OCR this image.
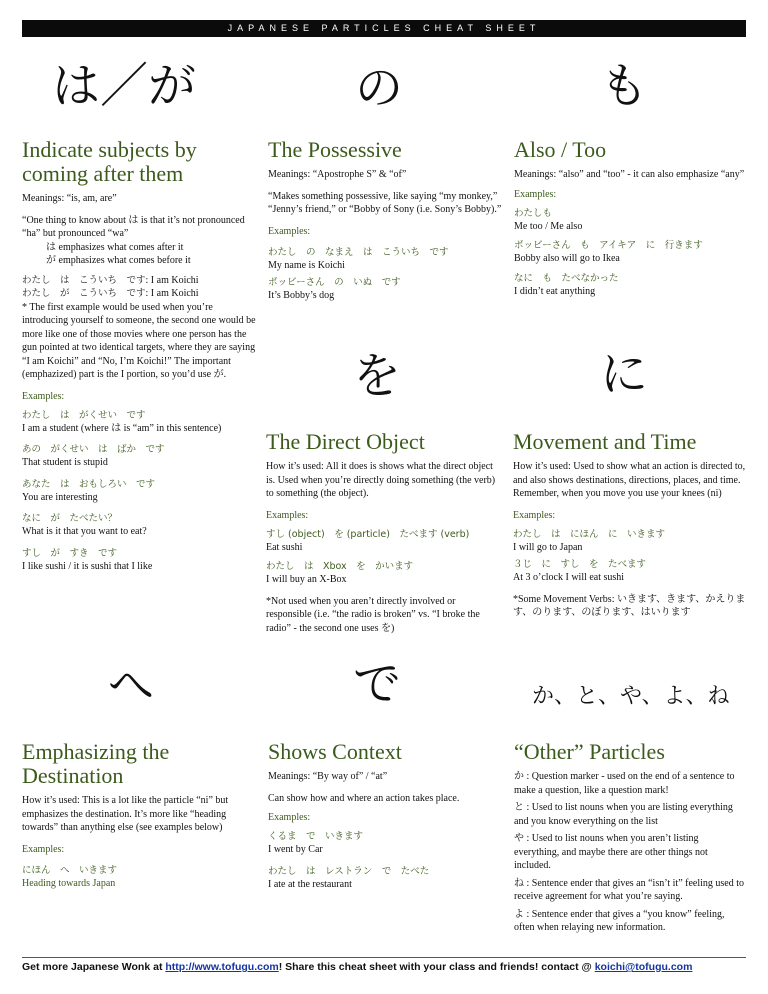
JAPANESE PARTICLES CHEAT SHEET
は／が	の	も
Indicate subjects by coming after them

Meanings: “is, am, are”

“One thing to know about は is that it’s not pronounced “ha” but pronounced “wa”

は emphasizes what comes after it

が emphasizes what comes before it

わたし　は　こういち　です: I am Koichi
わたし　が　こういち　です: I am Koichi

* The first example would be used when you’re introducing yourself to someone, the second one would be more like one of those movies where one person has the gun pointed at two identical targets, where they are saying “I am Koichi” and “No, I’m Koichi!” The important (emphazized) part is the I portion, so you’d use が.

Examples:
わたし　は　がくせい　です

I am a student (where は is “am” in this sentence)

あの　がくせい　は　ばか　です

That student is stupid

あなた　は　おもしろい　です

You are interesting

なに　が　たべたい？

What is it that you want to eat?

すし　が　すき　です

I like sushi / it is sushi that I like

The Possessive

Meanings: “Apostrophe S” & “of”

“Makes something possessive, like saying “my monkey,” “Jenny’s friend,” or “Bobby of Sony (i.e. Sony’s Bobby).”

Examples:
わたし　の　なまえ　は　こういち　です

My name is Koichi

ボッビーさん　の　いぬ　です

It’s Bobby’s dog

Also / Too

Meanings: “also” and “too” - it can also emphasize “any”

Examples:
わたしも

Me too / Me also

ボッビーさん　も　アイキア　に　行きます

Bobby also will go to Ikea

なに　も　たべなかった

I didn’t eat anything

を	に
The Direct Object

How it’s used: All it does is shows what the direct object is. Used when you’re directly doing something (the verb) to something (the object).

Examples:
すし (object)　を (particle)　たべます (verb)

Eat sushi

わたし　は　Xbox　を　かいます

I will buy an X-Box

*Not used when you aren’t directly involved or responsible (i.e. “the radio is broken” vs. “I broke the radio” - the second one uses を)

Movement and Time

How it’s used: Used to show what an action is directed to, and also shows destinations, directions, places, and time. Remember, when you move you use your knees (ni)

Examples:
わたし　は　にほん　に　いきます

I will go to Japan

３じ　に　すし　を　たべます

At 3 o’clock I will eat sushi

*Some Movement Verbs: いきます、きます、かえります、のります、のぼります、はいります

へ	で	か、と、や、よ、ね
Emphasizing the Destination

How it’s used: This is a lot like the particle “ni” but emphasizes the destination. It’s more like “heading towards” than anything else (see examples below)

Examples:
にほん　へ　いきます

Heading towards Japan

Shows Context

Meanings: “By way of” / “at”

Can show how and where an action takes place.

Examples:
くるま　で　いきます

I went by Car

わたし　は　レストラン　で　たべた

I ate at the restaurant

“Other” Particles

か : Question marker - used on the end of a sentence to make a question, like a question mark!

と : Used to list nouns when you are listing everything and you know everything on the list

や : Used to list nouns when you aren’t listing everything, and maybe there are other things not included.

ね : Sentence ender that gives an “isn’t it” feeling used to receive agreement for what you’re saying.

よ : Sentence ender that gives a “you know” feeling, often when relaying new information.

Get more Japanese Wonk at http://www.tofugu.com! Share this cheat sheet with your class and friends! contact @ koichi@tofugu.com
